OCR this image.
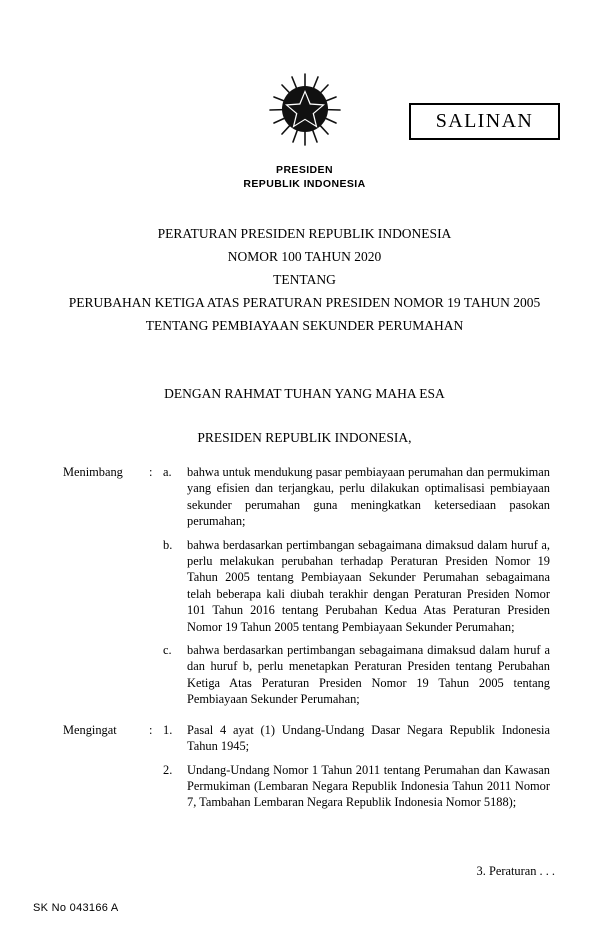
SALINAN
PRESIDEN
REPUBLIK INDONESIA
PERATURAN PRESIDEN REPUBLIK INDONESIA
NOMOR 100 TAHUN 2020
TENTANG
PERUBAHAN KETIGA ATAS PERATURAN PRESIDEN NOMOR 19 TAHUN 2005
TENTANG PEMBIAYAAN SEKUNDER PERUMAHAN
DENGAN RAHMAT TUHAN YANG MAHA ESA
PRESIDEN REPUBLIK INDONESIA,
Menimbang	: a.	bahwa untuk mendukung pasar pembiayaan perumahan dan permukiman yang efisien dan terjangkau, perlu dilakukan optimalisasi pembiayaan sekunder perumahan guna meningkatkan ketersediaan pasokan perumahan;
b.	bahwa berdasarkan pertimbangan sebagaimana dimaksud dalam huruf a, perlu melakukan perubahan terhadap Peraturan Presiden Nomor 19 Tahun 2005 tentang Pembiayaan Sekunder Perumahan sebagaimana telah beberapa kali diubah terakhir dengan Peraturan Presiden Nomor 101 Tahun 2016 tentang Perubahan Kedua Atas Peraturan Presiden Nomor 19 Tahun 2005 tentang Pembiayaan Sekunder Perumahan;
c.	bahwa berdasarkan pertimbangan sebagaimana dimaksud dalam huruf a dan huruf b, perlu menetapkan Peraturan Presiden tentang Perubahan Ketiga Atas Peraturan Presiden Nomor 19 Tahun 2005 tentang Pembiayaan Sekunder Perumahan;
Mengingat	: 1.	Pasal 4 ayat (1) Undang-Undang Dasar Negara Republik Indonesia Tahun 1945;
2.	Undang-Undang Nomor 1 Tahun 2011 tentang Perumahan dan Kawasan Permukiman (Lembaran Negara Republik Indonesia Tahun 2011 Nomor 7, Tambahan Lembaran Negara Republik Indonesia Nomor 5188);
3. Peraturan . . .
SK No 043166 A
